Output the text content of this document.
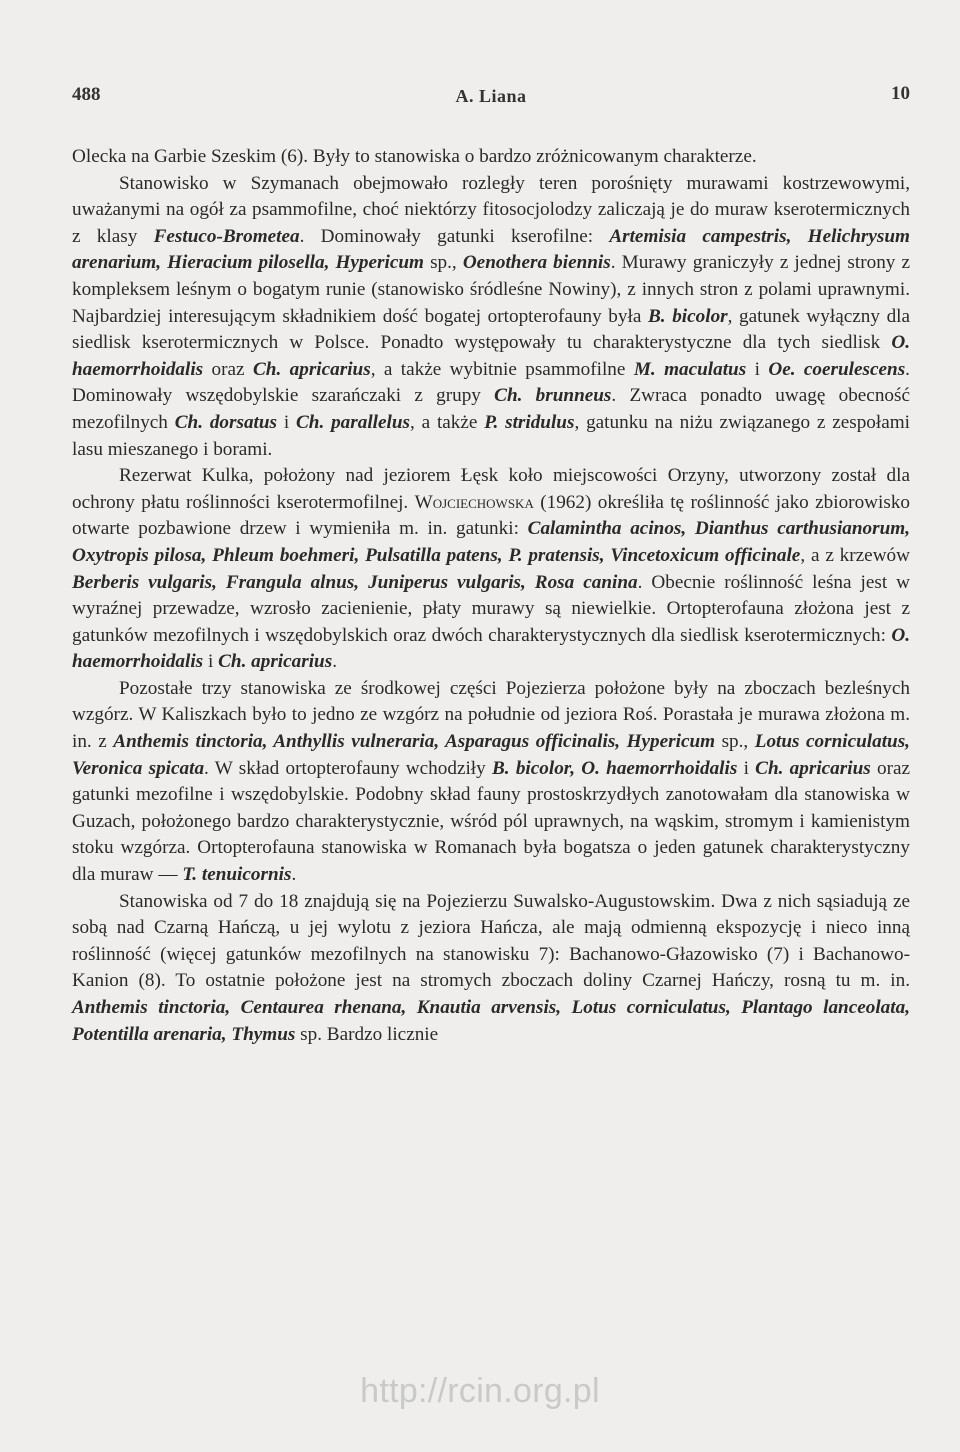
488	A. Liana	10

Olecka na Garbie Szeskim (6). Były to stanowiska o bardzo zróżnicowanym charakterze.

Stanowisko w Szymanach obejmowało rozległy teren porośnięty murawami kostrzewowymi, uważanymi na ogół za psammofilne, choć niektórzy fitosocjolodzy zaliczają je do muraw kserotermicznych z klasy Festuco-Brometea. Dominowały gatunki kserofilne: Artemisia campestris, Helichrysum arenarium, Hieracium pilosella, Hypericum sp., Oenothera biennis. Murawy graniczyły z jednej strony z kompleksem leśnym o bogatym runie (stanowisko śródleśne Nowiny), z innych stron z polami uprawnymi. Najbardziej interesującym składnikiem dość bogatej ortopterofauny była B. bicolor, gatunek wyłączny dla siedlisk kserotermicznych w Polsce. Ponadto występowały tu charakterystyczne dla tych siedlisk O. haemorrhoidalis oraz Ch. apricarius, a także wybitnie psammofilne M. maculatus i Oe. coerulescens. Dominowały wszędobylskie szarańczaki z grupy Ch. brunneus. Zwraca ponadto uwagę obecność mezofilnych Ch. dorsatus i Ch. parallelus, a także P. stridulus, gatunku na niżu związanego z zespołami lasu mieszanego i borami.

Rezerwat Kulka, położony nad jeziorem Łęsk koło miejscowości Orzyny, utworzony został dla ochrony płatu roślinności kserotermofilnej. Wojciechowska (1962) określiła tę roślinność jako zbiorowisko otwarte pozbawione drzew i wymieniła m. in. gatunki: Calamintha acinos, Dianthus carthusianorum, Oxytropis pilosa, Phleum boehmeri, Pulsatilla patens, P. pratensis, Vincetoxicum officinale, a z krzewów Berberis vulgaris, Frangula alnus, Juniperus vulgaris, Rosa canina. Obecnie roślinność leśna jest w wyraźnej przewadze, wzrosło zacienienie, płaty murawy są niewielkie. Ortopterofauna złożona jest z gatunków mezofilnych i wszędobylskich oraz dwóch charakterystycznych dla siedlisk kserotermicznych: O. haemorrhoidalis i Ch. apricarius.

Pozostałe trzy stanowiska ze środkowej części Pojezierza położone były na zboczach bezleśnych wzgórz. W Kaliszkach było to jedno ze wzgórz na południe od jeziora Roś. Porastała je murawa złożona m. in. z Anthemis tinctoria, Anthyllis vulneraria, Asparagus officinalis, Hypericum sp., Lotus corniculatus, Veronica spicata. W skład ortopterofauny wchodziły B. bicolor, O. haemorrhoidalis i Ch. apricarius oraz gatunki mezofilne i wszędobylskie. Podobny skład fauny prostoskrzydłych zanotowałam dla stanowiska w Guzach, położonego bardzo charakterystycznie, wśród pól uprawnych, na wąskim, stromym i kamienistym stoku wzgórza. Ortopterofauna stanowiska w Romanach była bogatsza o jeden gatunek charakterystyczny dla muraw — T. tenuicornis.

Stanowiska od 7 do 18 znajdują się na Pojezierzu Suwalsko-Augustowskim. Dwa z nich sąsiadują ze sobą nad Czarną Hańczą, u jej wylotu z jeziora Hańcza, ale mają odmienną ekspozycję i nieco inną roślinność (więcej gatunków mezofilnych na stanowisku 7): Bachanowo-Głazowisko (7) i Bachanowo-Kanion (8). To ostatnie położone jest na stromych zboczach doliny Czarnej Hańczy, rosną tu m. in. Anthemis tinctoria, Centaurea rhenana, Knautia arvensis, Lotus corniculatus, Plantago lanceolata, Potentilla arenaria, Thymus sp. Bardzo licznie

http://rcin.org.pl
